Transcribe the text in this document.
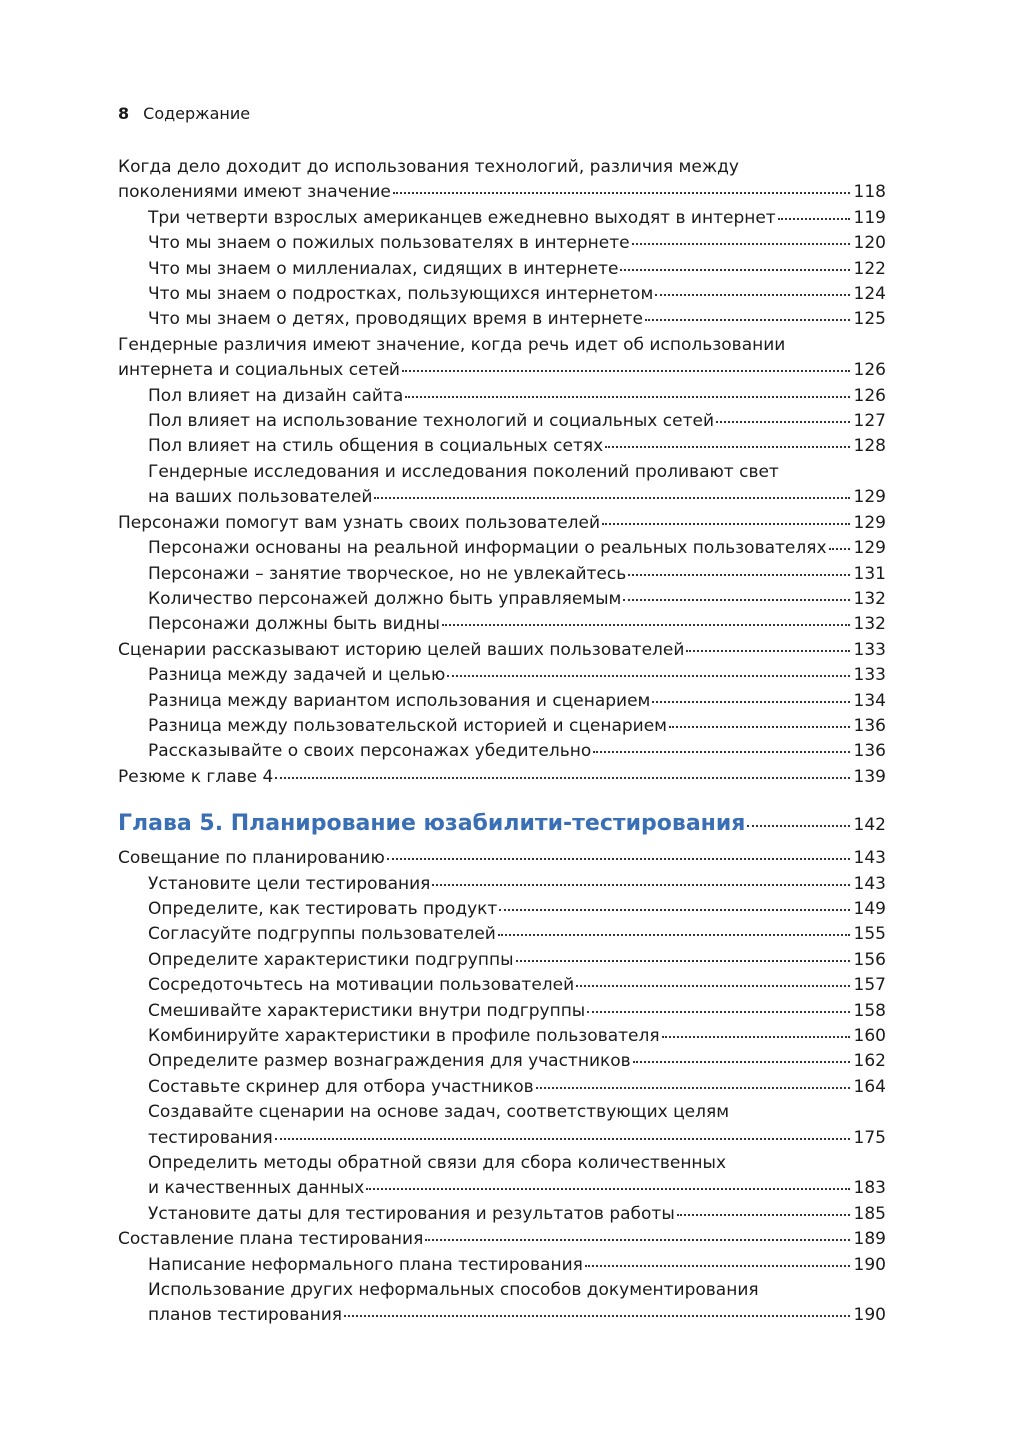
8 Содержание
Когда дело доходит до использования технологий, различия между
поколениями имеют значение	118
Три четверти взрослых американцев ежедневно выходят в интернет	119
Что мы знаем о пожилых пользователях в интернете	120
Что мы знаем о миллениалах, сидящих в интернете	122
Что мы знаем о подростках, пользующихся интернетом	124
Что мы знаем о детях, проводящих время в интернете	125
Гендерные различия имеют значение, когда речь идет об использовании
интернета и социальных сетей	126
Пол влияет на дизайн сайта	126
Пол влияет на использование технологий и социальных сетей	127
Пол влияет на стиль общения в социальных сетях	128
Гендерные исследования и исследования поколений проливают свет
на ваших пользователей	129
Персонажи помогут вам узнать своих пользователей	129
Персонажи основаны на реальной информации о реальных пользователях 129
Персонажи – занятие творческое, но не увлекайтесь	131
Количество персонажей должно быть управляемым	132
Персонажи должны быть видны	132
Сценарии рассказывают историю целей ваших пользователей	133
Разница между задачей и целью	133
Разница между вариантом использования и сценарием	134
Разница между пользовательской историей и сценарием	136
Рассказывайте о своих персонажах убедительно	136
Резюме к главе 4	139
Глава 5. Планирование юзабилити-тестирования	142
Совещание по планированию	143
Установите цели тестирования	143
Определите, как тестировать продукт	149
Согласуйте подгруппы пользователей	155
Определите характеристики подгруппы	156
Сосредоточьтесь на мотивации пользователей	157
Смешивайте характеристики внутри подгруппы	158
Комбинируйте характеристики в профиле пользователя	160
Определите размер вознаграждения для участников	162
Составьте скринер для отбора участников	164
Создавайте сценарии на основе задач, соответствующих целям
тестирования	175
Определить методы обратной связи для сбора количественных
и качественных данных	183
Установите даты для тестирования и результатов работы	185
Составление плана тестирования	189
Написание неформального плана тестирования	190
Использование других неформальных способов документирования
планов тестирования	190
